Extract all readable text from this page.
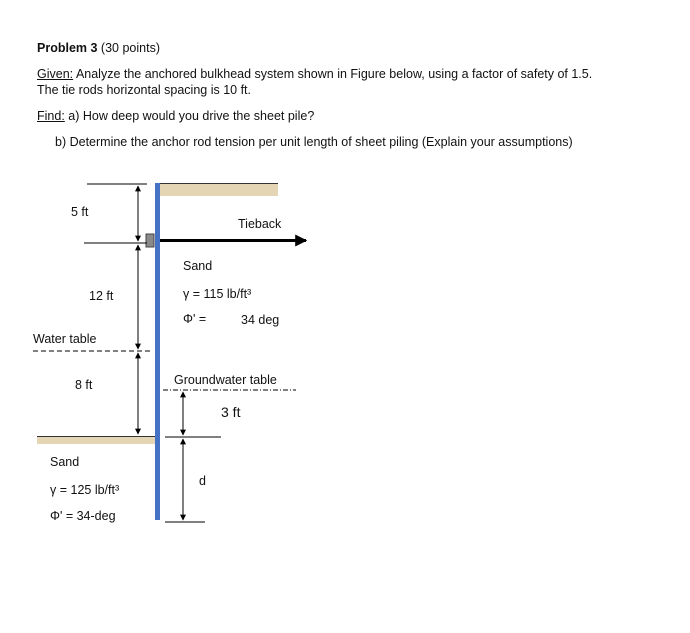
Problem 3 (30 points)
Given: Analyze the anchored bulkhead system shown in Figure below, using a factor of safety of 1.5.
The tie rods horizontal spacing is 10 ft.
Find: a) How deep would you drive the sheet pile?
b) Determine the anchor rod tension per unit length of sheet piling (Explain your assumptions)
5 ft
12 ft
Water table
8 ft
Tieback
Sand
γ = 115 lb/ft³
Φ' =	34 deg
Groundwater table
3 ft
d
Sand
γ = 125 lb/ft³
Φ' = 34-deg
